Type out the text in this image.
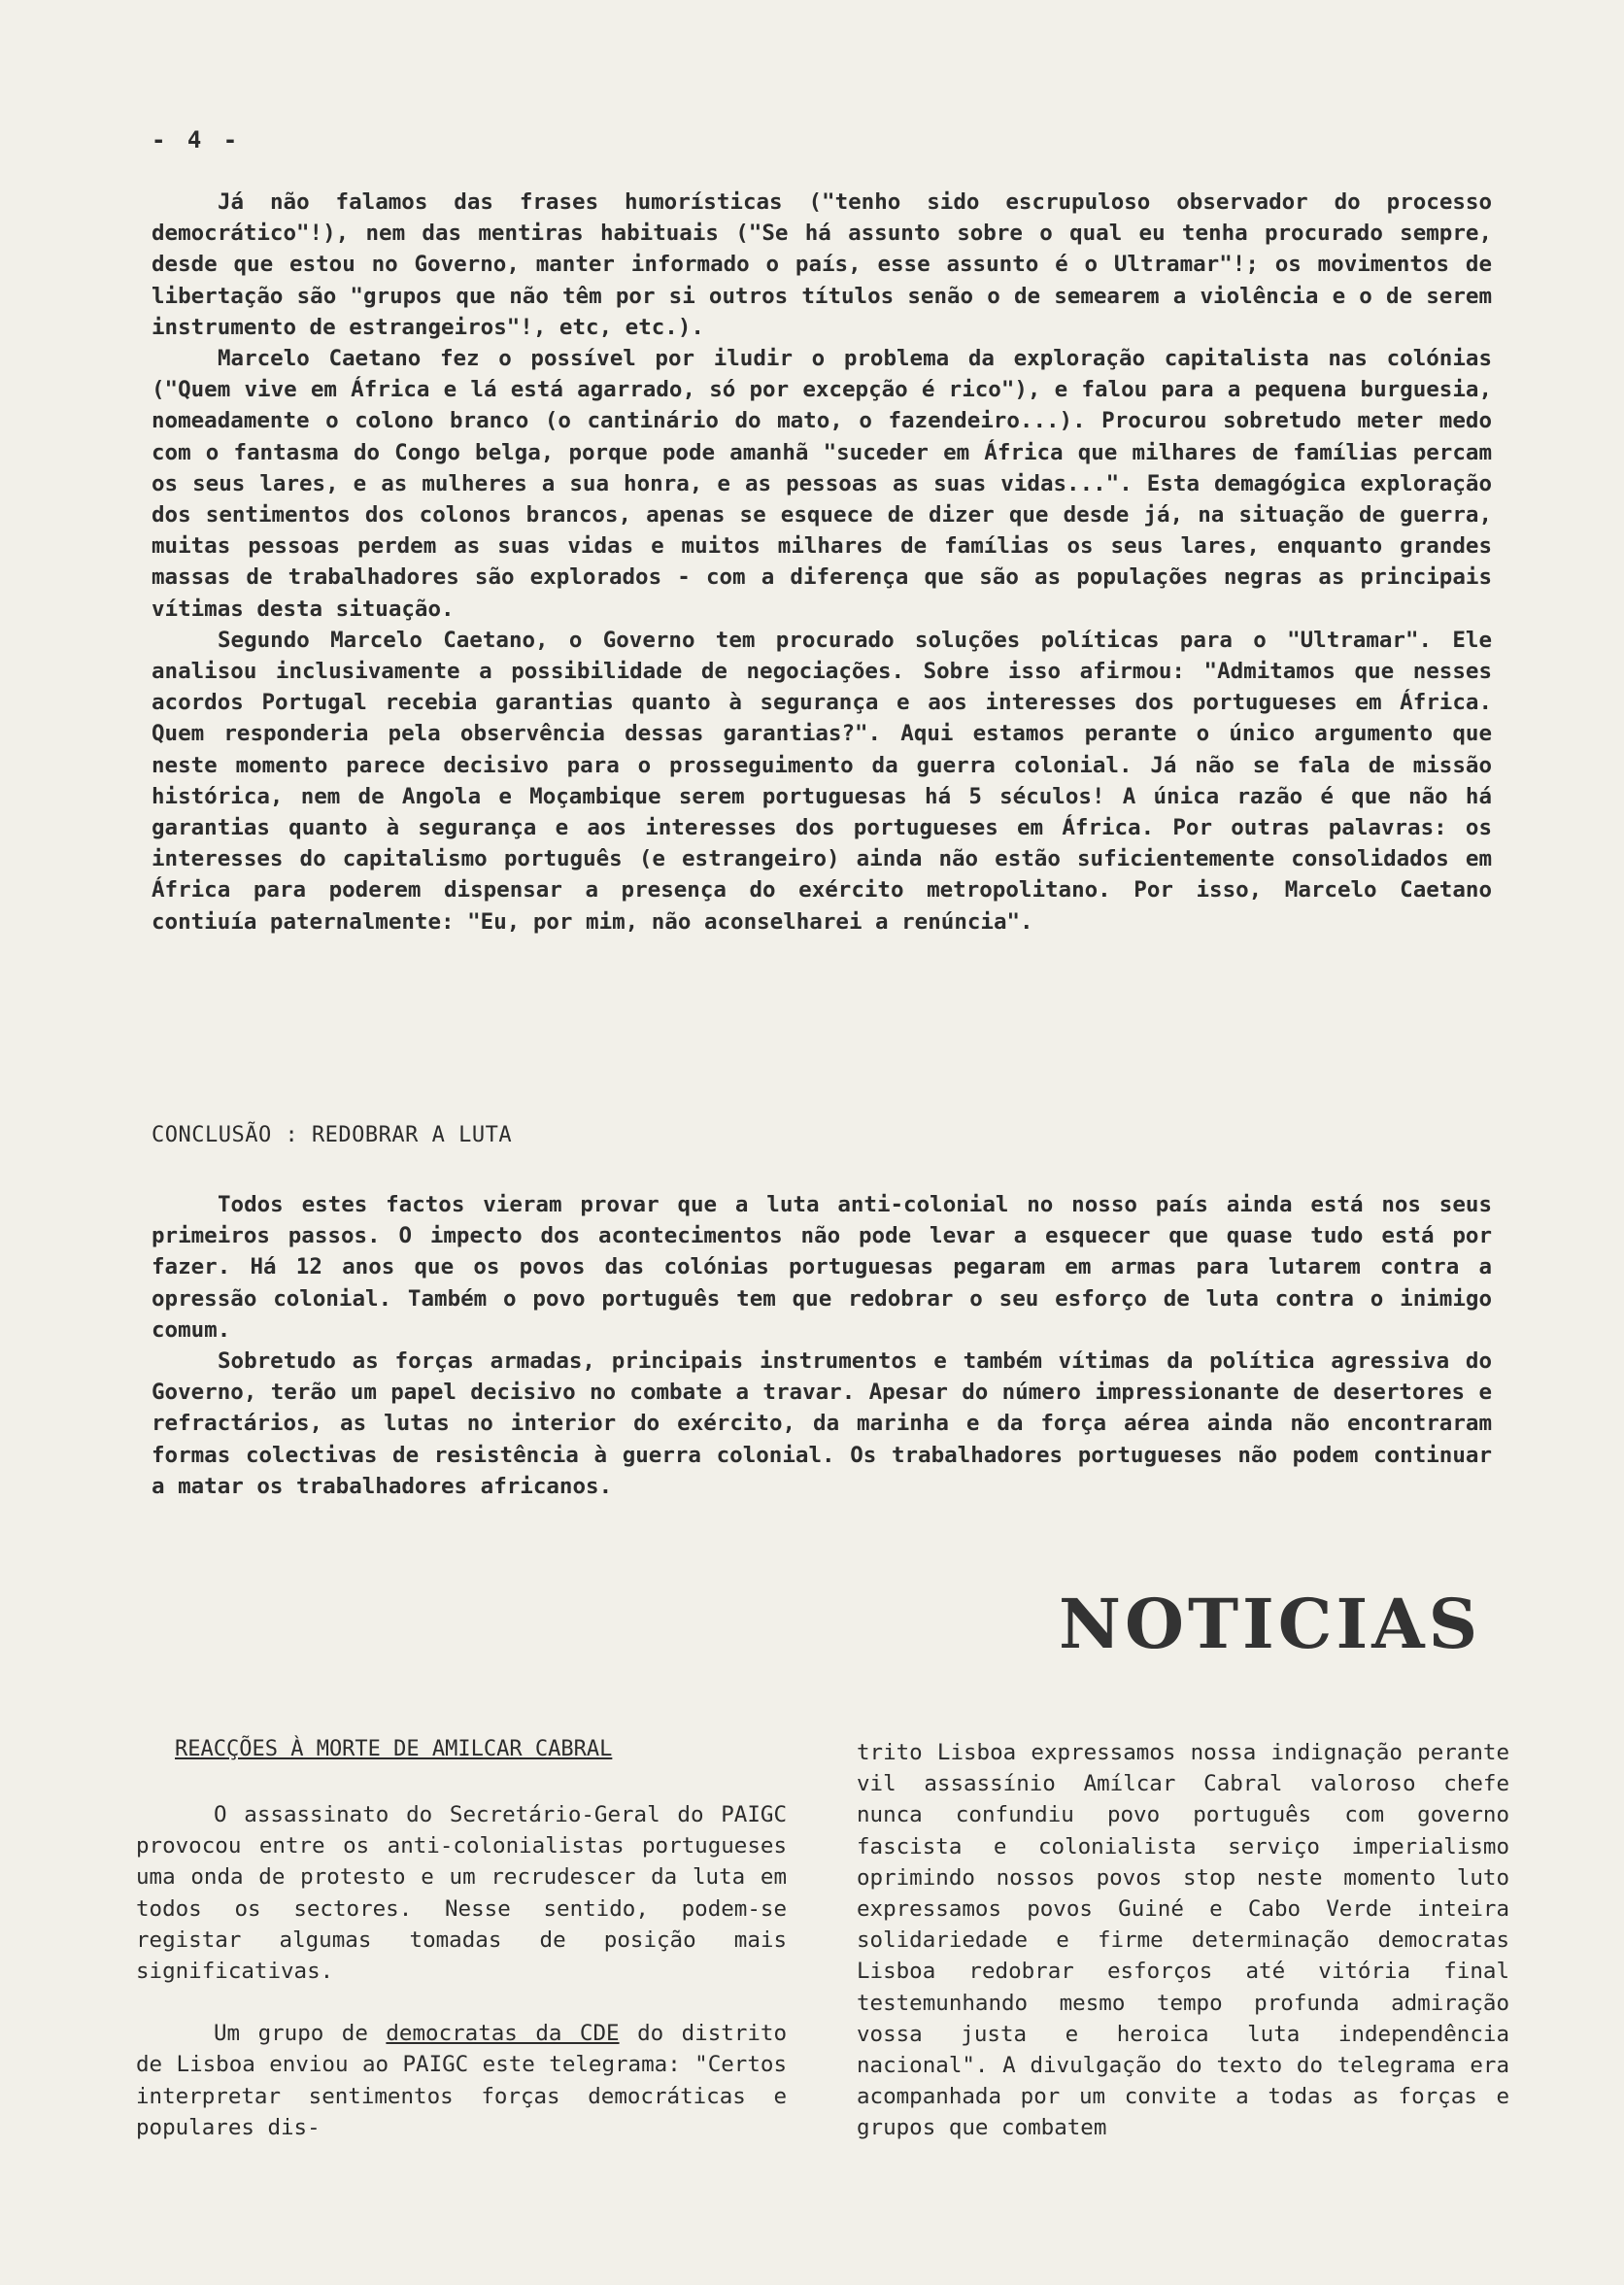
- 4 -

Já não falamos das frases humorísticas ("tenho sido escrupuloso observador do processo democrático"!), nem das mentiras habituais ("Se há assunto sobre o qual eu tenha procurado sempre, desde que estou no Governo, manter informado o país, esse assunto é o Ultramar"!; os movimentos de libertação são "grupos que não têm por si outros títulos senão o de semearem a violência e o de serem instrumento de estrangeiros"!, etc, etc.).

Marcelo Caetano fez o possível por iludir o problema da exploração capitalista nas colónias ("Quem vive em África e lá está agarrado, só por excepção é rico"), e falou para a pequena burguesia, nomeadamente o colono branco (o cantinário do mato, o fazendeiro...). Procurou sobretudo meter medo com o fantasma do Congo belga, porque pode amanhã "suceder em África que milhares de famílias percam os seus lares, e as mulheres a sua honra, e as pessoas as suas vidas...". Esta demagógica exploração dos sentimentos dos colonos brancos, apenas se esquece de dizer que desde já, na situação de guerra, muitas pessoas perdem as suas vidas e muitos milhares de famílias os seus lares, enquanto grandes massas de trabalhadores são explorados - com a diferença que são as populações negras as principais vítimas desta situação.

Segundo Marcelo Caetano, o Governo tem procurado soluções políticas para o "Ultramar". Ele analisou inclusivamente a possibilidade de negociações. Sobre isso afirmou: "Admitamos que nesses acordos Portugal recebia garantias quanto à segurança e aos interesses dos portugueses em África. Quem responderia pela observência dessas garantias?". Aqui estamos perante o único argumento que neste momento parece decisivo para o prosseguimento da guerra colonial. Já não se fala de missão histórica, nem de Angola e Moçambique serem portuguesas há 5 séculos! A única razão é que não há garantias quanto à segurança e aos interesses dos portugueses em África. Por outras palavras: os interesses do capitalismo português (e estrangeiro) ainda não estão suficientemente consolidados em África para poderem dispensar a presença do exército metropolitano. Por isso, Marcelo Caetano contiuía paternalmente: "Eu, por mim, não aconselharei a renúncia".

CONCLUSÃO : REDOBRAR A LUTA

Todos estes factos vieram provar que a luta anti-colonial no nosso país ainda está nos seus primeiros passos. O impecto dos acontecimentos não pode levar a esquecer que quase tudo está por fazer. Há 12 anos que os povos das colónias portuguesas pegaram em armas para lutarem contra a opressão colonial. Também o povo português tem que redobrar o seu esforço de luta contra o inimigo comum.

Sobretudo as forças armadas, principais instrumentos e também vítimas da política agressiva do Governo, terão um papel decisivo no combate a travar. Apesar do número impressionante de desertores e refractários, as lutas no interior do exército, da marinha e da força aérea ainda não encontraram formas colectivas de resistência à guerra colonial. Os trabalhadores portugueses não podem continuar a matar os trabalhadores africanos.

NOTICIAS
REACÇÕES À MORTE DE AMILCAR CABRAL

O assassinato do Secretário-Geral do PAIGC provocou entre os anti-colonialistas portugueses uma onda de protesto e um recrudescer da luta em todos os sectores. Nesse sentido, podem-se registar algumas tomadas de posição mais significativas.

Um grupo de democratas da CDE do distrito de Lisboa enviou ao PAIGC este telegrama: "Certos interpretar sentimentos forças democráticas e populares dis-

trito Lisboa expressamos nossa indignação perante vil assassínio Amílcar Cabral valoroso chefe nunca confundiu povo português com governo fascista e colonialista serviço imperialismo oprimindo nossos povos stop neste momento luto expressamos povos Guiné e Cabo Verde inteira solidariedade e firme determinação democratas Lisboa redobrar esforços até vitória final testemunhando mesmo tempo profunda admiração vossa justa e heroica luta independência nacional". A divulgação do texto do telegrama era acompanhada por um convite a todas as forças e grupos que combatem
